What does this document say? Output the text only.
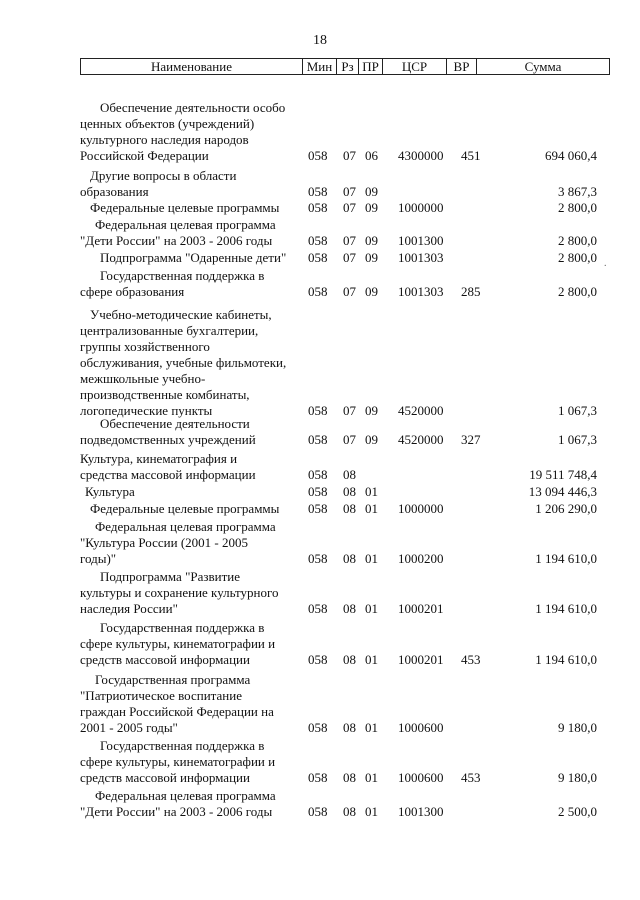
18
Наименование	Мин Рз ПР	ЦСР	ВР	Сумма
.
Обеспечение деятельности особо
ценных объектов (учреждений)
культурного наследия народов
Российской Федерации	058 07 06 4300000 451	694 060,4
Другие вопросы в области
образования	058 07 09	3 867,3
Федеральные целевые программы	058 07 09 1000000	2 800,0
Федеральная целевая программа
"Дети России" на 2003 - 2006 годы	058 07 09 1001300	2 800,0
Подпрограмма "Одаренные дети"	058 07 09 1001303	2 800,0
Государственная поддержка в
сфере образования	058 07 09 1001303 285	2 800,0
Учебно-методические кабинеты,
централизованные бухгалтерии,
группы хозяйственного
обслуживания, учебные фильмотеки,
межшкольные учебно-
производственные комбинаты,
логопедические пункты	058 07 09 4520000	1 067,3
Обеспечение деятельности
подведомственных учреждений	058 07 09 4520000 327	1 067,3
Культура, кинематография и
средства массовой информации	058 08	19 511 748,4
Культура	058 08 01	13 094 446,3
Федеральные целевые программы	058 08 01 1000000	1 206 290,0
Федеральная целевая программа
"Культура России (2001 - 2005
годы)"	058 08 01 1000200	1 194 610,0
Подпрограмма "Развитие
культуры и сохранение культурного
наследия России"	058 08 01 1000201	1 194 610,0
Государственная поддержка в
сфере культуры, кинематографии и
средств массовой информации	058 08 01 1000201 453	1 194 610,0
Государственная программа
"Патриотическое воспитание
граждан Российской Федерации на
2001 - 2005 годы"	058 08 01 1000600	9 180,0
Государственная поддержка в
сфере культуры, кинематографии и
средств массовой информации	058 08 01 1000600 453	9 180,0
Федеральная целевая программа
"Дети России" на 2003 - 2006 годы	058 08 01 1001300	2 500,0
